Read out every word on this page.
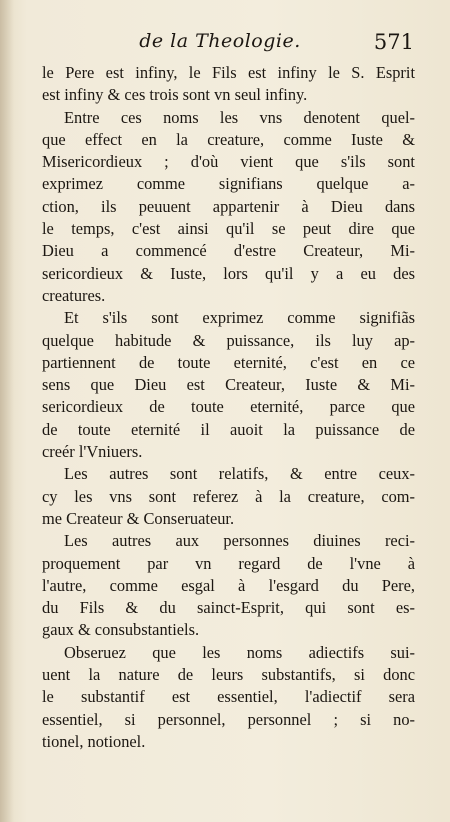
de la Theologie.	571
le Pere est infiny, le Fils est infiny le S. Esprit
est infiny & ces trois sont vn seul infiny.
Entre ces noms les vns denotent quel-
que effect en la creature, comme Iuste &
Misericordieux ; d'où vient que s'ils sont
exprimez comme signifians quelque a-
ction, ils peuuent appartenir à Dieu dans
le temps, c'est ainsi qu'il se peut dire que
Dieu a commencé d'estre Createur, Mi-
sericordieux & Iuste, lors qu'il y a eu des
creatures.
Et s'ils sont exprimez comme signifiãs
quelque habitude & puissance, ils luy ap-
partiennent de toute eternité, c'est en ce
sens que Dieu est Createur, Iuste & Mi-
sericordieux de toute eternité, parce que
de toute eternité il auoit la puissance de
creér l'Vniuers.
Les autres sont relatifs, & entre ceux-
cy les vns sont referez à la creature, com-
me Createur & Conseruateur.
Les autres aux personnes diuines reci-
proquement par vn regard de l'vne à
l'autre, comme esgal à l'esgard du Pere,
du Fils & du sainct-Esprit, qui sont es-
gaux & consubstantiels.
Obseruez que les noms adiectifs sui-
uent la nature de leurs substantifs, si donc
le substantif est essentiel, l'adiectif sera
essentiel, si personnel, personnel ; si no-
tionel, notionel.
